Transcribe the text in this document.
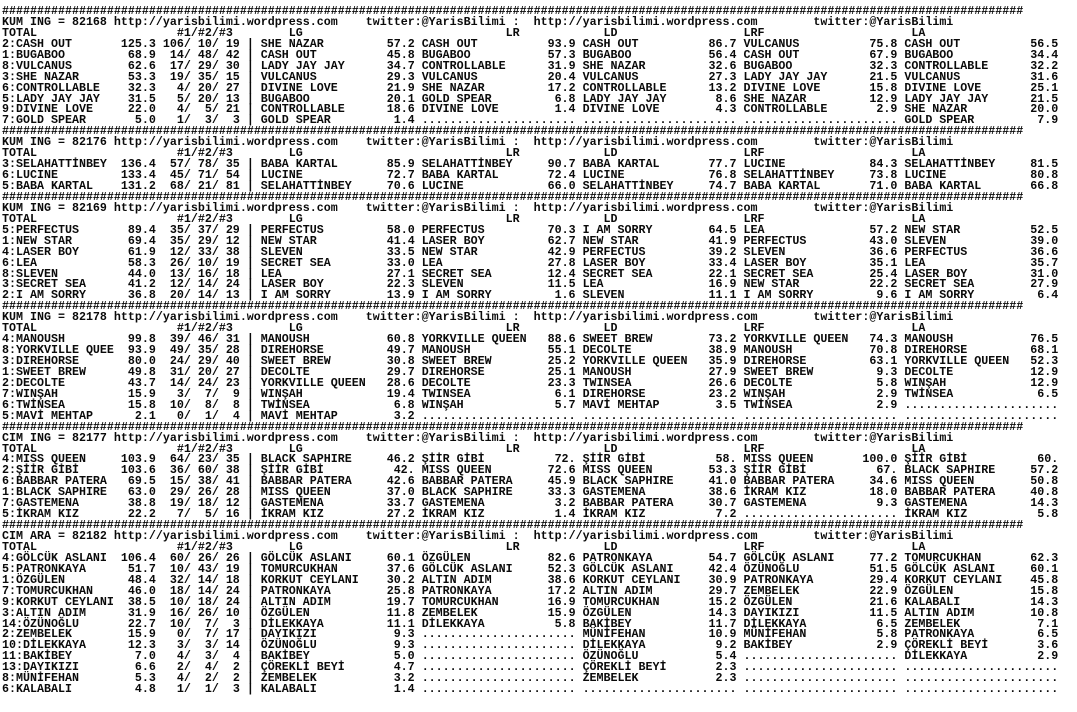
##################################################################################################################################################
KUM ING = 82168 http://yarisbilimi.wordpress.com twitter:@YarisBilimi : http://yarisbilimi.wordpress.com	twitter:@YarisBilimi
TOTAL	#1/#2/#3	LG	LR	LD	LRF	LA
2:CASH OUT	125.3 106 / 10 / 19 | SHE NAZAR	57.2 CASH OUT	93.9 CASH OUT	86.7 VULCANUS	75.8 CASH OUT	56.5
1:BUGABOO	68.9	14 / 48 / 42 | CASH OUT	45.8 BUGABOO	57.3 BUGABOO	56.4 CASH OUT	67.9 BUGABOO	34.4
8:VULCANUS	62.6	17 / 29 / 30 | LADY JAY JAY	34.7 CONTROLLABLE	31.9 SHE NAZAR	32.6 BUGABOO	32.3 CONTROLLABLE	32.2
3:SHE NAZAR	53.3	19 / 35 / 15 | VULCANUS	29.3 VULCANUS	20.4 VULCANUS	27.3 LADY JAY JAY	21.5 VULCANUS	31.6
6:CONTROLLABLE	32.3	4 / 20 / 27 | DIVINE LOVE	21.9 SHE NAZAR	17.2 CONTROLLABLE	13.2 DIVINE LOVE	15.8 DIVINE LOVE	25.1
5:LADY JAY JAY	31.5	5 / 20 / 13 | BUGABOO	20.1 GOLD SPEAR	6.8 LADY JAY JAY	8.6 SHE NAZAR	12.9 LADY JAY JAY	21.5
9:DIVINE LOVE	22.0	4 /	5 / 21 | CONTROLLABLE	18.6 DIVINE LOVE	1.4 DIVINE LOVE	4.3 CONTROLLABLE	2.9 SHE NAZAR	20.0
7:GOLD SPEAR	5.0	1 /	3 /	3 | GOLD SPEAR	1.4 ...................... ...................... ...................... GOLD SPEAR	7.9
##################################################################################################################################################
KUM ING = 82176 http://yarisbilimi.wordpress.com twitter:@YarisBilimi : http://yarisbilimi.wordpress.com	twitter:@YarisBilimi
TOTAL	#1/#2/#3	LG	LR	LD	LRF	LA
3:SELAHATTİNBEY	136.4	57 / 78 / 35 | BABA KARTAL	85.9 SELAHATTİNBEY	90.7 BABA KARTAL	77.7 LUCINE	84.3 SELAHATTİNBEY	81.5
6:LUCINE	133.4	45 / 71 / 54 | LUCINE	72.7 BABA KARTAL	72.4 LUCINE	76.8 SELAHATTİNBEY	73.8 LUCINE	80.8
5:BABA KARTAL	131.2	68 / 21 / 81 | SELAHATTİNBEY	70.6 LUCINE	66.0 SELAHATTİNBEY	74.7 BABA KARTAL	71.0 BABA KARTAL	66.8
##################################################################################################################################################
KUM ING = 82169 http://yarisbilimi.wordpress.com twitter:@YarisBilimi : http://yarisbilimi.wordpress.com	twitter:@YarisBilimi
TOTAL	#1/#2/#3	LG	LR	LD	LRF	LA
5:PERFECTUS	89.4	35 / 37 / 29 | PERFECTUS	58.0 PERFECTUS	70.3 I AM SORRY	64.5 LEA	57.2 NEW STAR	52.5
1:NEW STAR	69.4	35 / 29 / 12 | NEW STAR	41.4 LASER BOY	62.7 NEW STAR	41.9 PERFECTUS	43.0 SLEVEN	39.0
4:LASER BOY	61.9	12 / 33 / 38 | SLEVEN	33.5 NEW STAR	42.9 PERFECTUS	39.2 SLEVEN	36.6 PERFECTUS	36.6
6:LEA	58.3	26 / 10 / 19 | SECRET SEA	33.0 LEA	27.8 LASER BOY	33.4 LASER BOY	35.1 LEA	35.7
8:SLEVEN	44.0	13 / 16 / 18 | LEA	27.1 SECRET SEA	12.4 SECRET SEA	22.1 SECRET SEA	25.4 LASER BOY	31.0
3:SECRET SEA	41.2	12 / 14 / 24 | LASER BOY	22.3 SLEVEN	11.5 LEA	16.9 NEW STAR	22.2 SECRET SEA	27.9
2:I AM SORRY	36.8	20 / 14 / 13 | I AM SORRY	13.9 I AM SORRY	1.6 SLEVEN	11.1 I AM SORRY	9.6 I AM SORRY	6.4
##################################################################################################################################################
KUM ING = 82178 http://yarisbilimi.wordpress.com twitter:@YarisBilimi : http://yarisbilimi.wordpress.com	twitter:@YarisBilimi
TOTAL	#1/#2/#3	LG	LR	LD	LRF	LA
4:MANOUSH	99.8	39 / 46 / 31 | MANOUSH	60.8 YORKVILLE QUEEN	88.6 SWEET BREW	73.2 YORKVILLE QUEEN	74.3 MANOUSH	76.5
8:YORKVILLE QUEE	93.9	49 / 35 / 28 | DIREHORSE	49.7 MANOUSH	55.1 DECOLTE	38.9 MANOUSH	70.8 DIREHORSE	68.1
3:DIREHORSE	80.0	24 / 29 / 40 | SWEET BREW	30.8 SWEET BREW	25.2 YORKVILLE QUEEN	35.9 DIREHORSE	63.1 YORKVILLE QUEEN	52.3
1:SWEET BREW	49.8	31 / 20 / 27 | DECOLTE	29.7 DIREHORSE	25.1 MANOUSH	27.9 SWEET BREW	9.3 DECOLTE	12.9
2:DECOLTE	43.7	14 / 24 / 23 | YORKVILLE QUEEN	28.6 DECOLTE	23.3 TWINSEA	26.6 DECOLTE	5.8 WINŞAH	12.9
7:WINŞAH	15.9	3 /	7 /	9 | WINŞAH	19.4 TWINSEA	6.1 DIREHORSE	23.2 WINŞAH	2.9 TWİNSEA	6.5
6:TWİNSEA	15.8	10 /	8 /	8 | TWİNSEA	6.8 WINŞAH	5.7 MAVİ MEHTAP	3.5 TWİNSEA	2.9 ......................
5:MAVİ MEHTAP	2.1	0 /	1 /	4 | MAVİ MEHTAP	3.2 ...................... ...................... ...................... ......................
##################################################################################################################################################
CIM ING = 82177 http://yarisbilimi.wordpress.com twitter:@YarisBilimi : http://yarisbilimi.wordpress.com	twitter:@YarisBilimi
TOTAL	#1/#2/#3	LG	LR	LD	LRF	LA
4:MISS QUEEN	103.9	64 / 23 / 35 | BLACK SAPHIRE	46.2 ŞİİR GİBİ	72. ŞİİR GİBİ	58. MISS QUEEN	100.0 ŞİİR GİBİ	60.
2:ŞİİR GİBİ	103.6	36 / 60 / 38 | ŞİİR GİBİ	42. MISS QUEEN	72.6 MISS QUEEN	53.3 ŞİİR GİBİ	67. BLACK SAPHIRE	57.2
6:BABBAR PATERA	69.5	15 / 38 / 41 | BABBAR PATERA	42.6 BABBAR PATERA	45.9 BLACK SAPHIRE	41.0 BABBAR PATERA	34.6 MISS QUEEN	50.8
1:BLACK SAPHIRE	63.0	29 / 26 / 28 | MISS QUEEN	37.0 BLACK SAPHIRE	33.3 GASTEMENA	38.6 İKRAM KIZ	18.0 BABBAR PATERA	40.8
7:GASTEMENA	38.8	19 / 18 / 12 | GASTEMENA	33.7 GASTEMENA	3.2 BABBAR PATERA	30.7 GASTEMENA	9.3 GASTEMENA	14.3
5:İKRAM KIZ	22.2	7 /	5 / 16 | İKRAM KIZ	27.2 İKRAM KIZ	1.4 İKRAM KIZ	7.2 ...................... İKRAM KIZ	5.8
##################################################################################################################################################
CIM ARA = 82182 http://yarisbilimi.wordpress.com twitter:@YarisBilimi : http://yarisbilimi.wordpress.com	twitter:@YarisBilimi
TOTAL	#1/#2/#3	LG	LR	LD	LRF	LA
4:GÖLCÜK ASLANI	106.4	60 / 26 / 26 | GÖLCÜK ASLANI	60.1 ÖZGÜLEN	82.6 PATRONKAYA	54.7 GÖLCÜK ASLANI	77.2 TOMURCUKHAN	62.3
5:PATRONKAYA	51.7	10 / 43 / 19 | TOMURCUKHAN	37.6 GÖLCÜK ASLANI	52.3 GÖLCÜK ASLANI	42.4 ÖZÜNOĞLU	51.5 GÖLCÜK ASLANI	60.1
1:ÖZGÜLEN	48.4	32 / 14 / 18 | KORKUT CEYLANI	30.2 ALTIN ADIM	38.6 KORKUT CEYLANI	30.9 PATRONKAYA	29.4 KORKUT CEYLANI	45.8
7:TOMURCUKHAN	46.0	18 / 14 / 24 | PATRONKAYA	25.8 PATRONKAYA	17.2 ALTIN ADIM	29.7 ZEMBELEK	22.9 ÖZGÜLEN	15.8
9:KORKUT CEYLANI	38.5	10 / 18 / 24 | ALTIN ADIM	19.7 TOMURCUKHAN	16.9 TOMURCUKHAN	15.2 ÖZGÜLEN	21.6 KALABALI	14.3
3:ALTIN ADIM	31.9	16 / 26 / 10 | ÖZGÜLEN	11.8 ZEMBELEK	15.9 ÖZGÜLEN	14.3 DAYIKIZI	11.5 ALTIN ADIM	10.8
14:ÖZÜNOĞLU	22.7	10 /	7 /	3 | DİLEKKAYA	11.1 DİLEKKAYA	5.8 BAKİBEY	11.7 DİLEKKAYA	6.5 ZEMBELEK	7.1
2:ZEMBELEK	15.9	0 /	7 / 17 | DAYIKIZI	9.3 ...................... MÜNİFEHAN	10.9 MÜNİFEHAN	5.8 PATRONKAYA	6.5
10:DİLEKKAYA	12.3	3 /	3 / 14 | ÖZÜNOĞLU	9.3 ...................... DİLEKKAYA	9.2 BAKİBEY	2.9 ÇÖREKLİ BEYİ	3.6
11:BAKİBEY	7.0	4 /	3 /	4 | BAKİBEY	5.0 ...................... ÖZÜNOĞLU	5.4 ...................... DİLEKKAYA	2.9
13:DAYIKIZI	6.6	2 /	4 /	2 | ÇÖREKLİ BEYİ	4.7 ...................... ÇÖREKLİ BEYİ	2.3 ...................... ......................
8:MÜNİFEHAN	5.3	4 /	2 /	2 | ZEMBELEK	3.2 ...................... ZEMBELEK	2.3 ...................... ......................
6:KALABALI	4.8	1 /	1 /	3 | KALABALI	1.4 ...................... ...................... ...................... ......................
